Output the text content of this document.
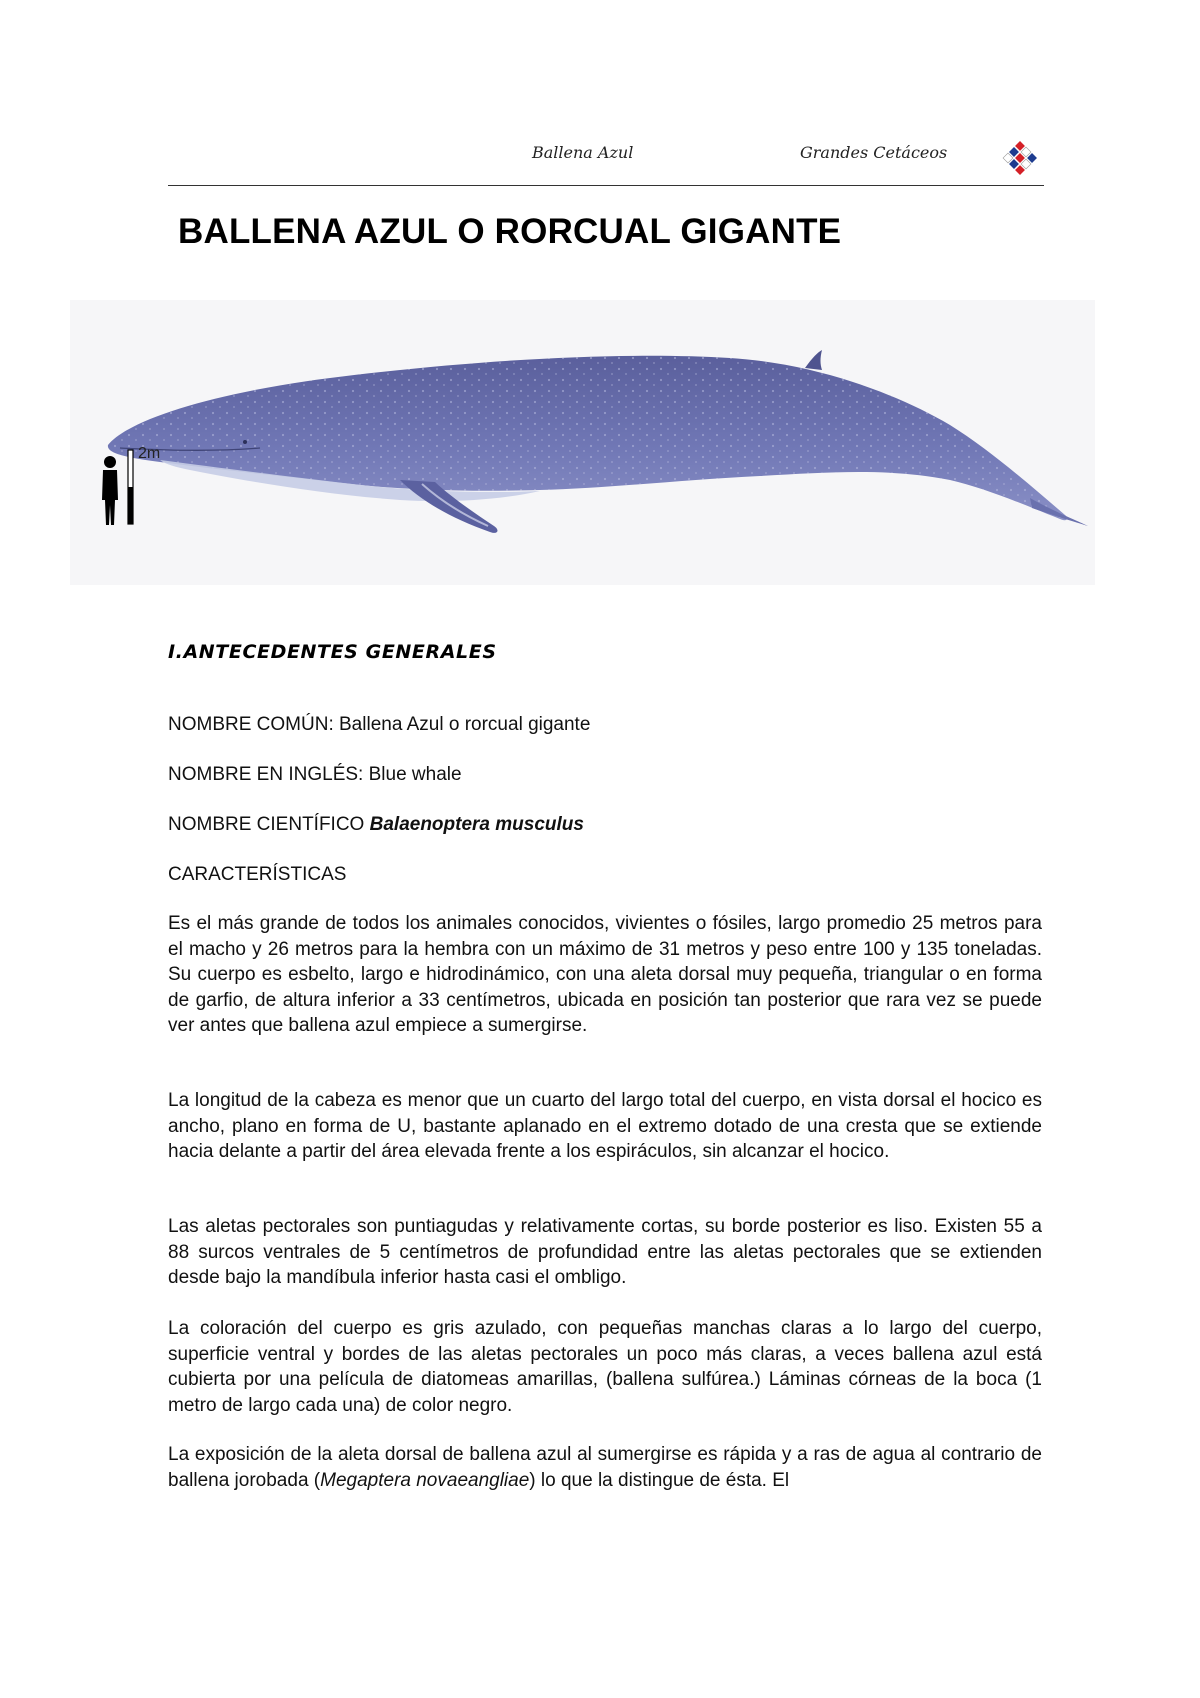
Ballena Azul	Grandes Cetáceos
BALLENA AZUL O RORCUAL GIGANTE
2m
I.ANTECEDENTES GENERALES

NOMBRE COMÚN: Ballena Azul o rorcual gigante

NOMBRE EN INGLÉS: Blue whale

NOMBRE CIENTÍFICO Balaenoptera musculus

CARACTERÍSTICAS

Es el más grande de todos los animales conocidos, vivientes o fósiles, largo promedio 25 metros para el macho y 26 metros para la hembra con un máximo de 31 metros y peso entre 100 y 135 toneladas. Su cuerpo es esbelto, largo e hidrodinámico, con una aleta dorsal muy pequeña, triangular o en forma de garfio, de altura inferior a 33 centímetros, ubicada en posición tan posterior que rara vez se puede ver antes que ballena azul empiece a sumergirse.

La longitud de la cabeza es menor que un cuarto del largo total del cuerpo, en vista dorsal el hocico es ancho, plano en forma de U, bastante aplanado en el extremo dotado de una cresta que se extiende hacia delante a partir del área elevada frente a los espiráculos, sin alcanzar el hocico.

Las aletas pectorales son puntiagudas y relativamente cortas, su borde posterior es liso. Existen 55 a 88 surcos ventrales de 5 centímetros de profundidad entre las aletas pectorales que se extienden desde bajo la mandíbula inferior hasta casi el ombligo.

La coloración del cuerpo es gris azulado, con pequeñas manchas claras a lo largo del cuerpo, superficie ventral y bordes de las aletas pectorales un poco más claras, a veces ballena azul está cubierta por una película de diatomeas amarillas, (ballena sulfúrea.) Láminas córneas de la boca (1 metro de largo cada una) de color negro.

La exposición de la aleta dorsal de ballena azul al sumergirse es rápida y a ras de agua al contrario de ballena jorobada (Megaptera novaeangliae) lo que la distingue de ésta. El
